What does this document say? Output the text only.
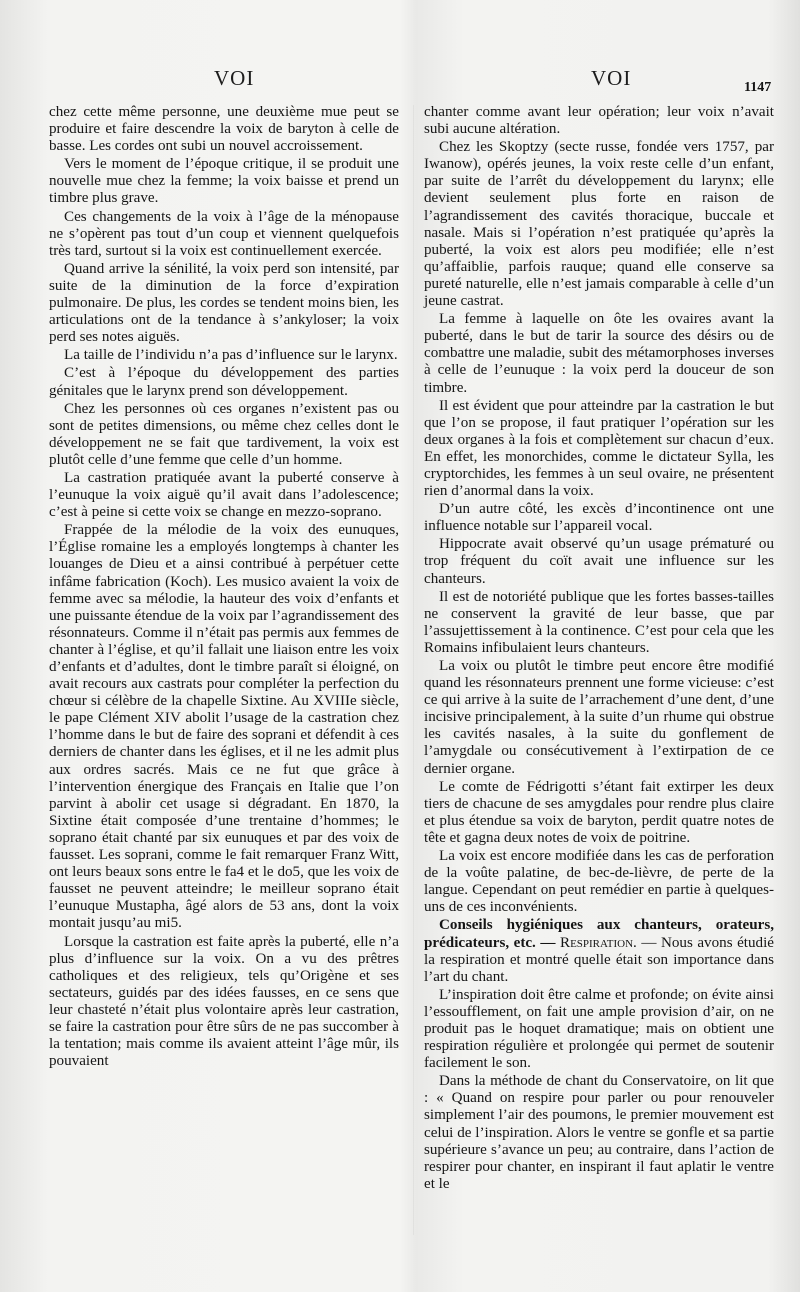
VOI	VOI	1147

chez cette même personne, une deuxième mue peut se produire et faire descendre la voix de baryton à celle de basse. Les cordes ont subi un nouvel accroissement.

Vers le moment de l’époque critique, il se produit une nouvelle mue chez la femme; la voix baisse et prend un timbre plus grave.

Ces changements de la voix à l’âge de la ménopause ne s’opèrent pas tout d’un coup et viennent quelquefois très tard, surtout si la voix est continuellement exercée.

Quand arrive la sénilité, la voix perd son intensité, par suite de la diminution de la force d’expiration pulmonaire. De plus, les cordes se tendent moins bien, les articulations ont de la tendance à s’ankyloser; la voix perd ses notes aiguës.

La taille de l’individu n’a pas d’influence sur le larynx.

C’est à l’époque du développement des parties génitales que le larynx prend son développement.

Chez les personnes où ces organes n’existent pas ou sont de petites dimensions, ou même chez celles dont le développement ne se fait que tardivement, la voix est plutôt celle d’une femme que celle d’un homme.

La castration pratiquée avant la puberté conserve à l’eunuque la voix aiguë qu’il avait dans l’adolescence; c’est à peine si cette voix se change en mezzo-soprano.

Frappée de la mélodie de la voix des eunuques, l’Église romaine les a employés longtemps à chanter les louanges de Dieu et a ainsi contribué à perpétuer cette infâme fabrication (Koch). Les musico avaient la voix de femme avec sa mélodie, la hauteur des voix d’enfants et une puissante étendue de la voix par l’agrandissement des résonnateurs. Comme il n’était pas permis aux femmes de chanter à l’église, et qu’il fallait une liaison entre les voix d’enfants et d’adultes, dont le timbre paraît si éloigné, on avait recours aux castrats pour compléter la perfection du chœur si célèbre de la chapelle Sixtine. Au XVIIIe siècle, le pape Clément XIV abolit l’usage de la castration chez l’homme dans le but de faire des soprani et défendit à ces derniers de chanter dans les églises, et il ne les admit plus aux ordres sacrés. Mais ce ne fut que grâce à l’intervention énergique des Français en Italie que l’on parvint à abolir cet usage si dégradant. En 1870, la Sixtine était composée d’une trentaine d’hommes; le soprano était chanté par six eunuques et par des voix de fausset. Les soprani, comme le fait remarquer Franz Witt, ont leurs beaux sons entre le fa4 et le do5, que les voix de fausset ne peuvent atteindre; le meilleur soprano était l’eunuque Mustapha, âgé alors de 53 ans, dont la voix montait jusqu’au mi5.

Lorsque la castration est faite après la puberté, elle n’a plus d’influence sur la voix. On a vu des prêtres catholiques et des religieux, tels qu’Origène et ses sectateurs, guidés par des idées fausses, en ce sens que leur chasteté n’était plus volontaire après leur castration, se faire la castration pour être sûrs de ne pas succomber à la tentation; mais comme ils avaient atteint l’âge mûr, ils pouvaient

chanter comme avant leur opération; leur voix n’avait subi aucune altération.

Chez les Skoptzy (secte russe, fondée vers 1757, par Iwanow), opérés jeunes, la voix reste celle d’un enfant, par suite de l’arrêt du développement du larynx; elle devient seulement plus forte en raison de l’agrandissement des cavités thoracique, buccale et nasale. Mais si l’opération n’est pratiquée qu’après la puberté, la voix est alors peu modifiée; elle n’est qu’affaiblie, parfois rauque; quand elle conserve sa pureté naturelle, elle n’est jamais comparable à celle d’un jeune castrat.

La femme à laquelle on ôte les ovaires avant la puberté, dans le but de tarir la source des désirs ou de combattre une maladie, subit des métamorphoses inverses à celle de l’eunuque : la voix perd la douceur de son timbre.

Il est évident que pour atteindre par la castration le but que l’on se propose, il faut pratiquer l’opération sur les deux organes à la fois et complètement sur chacun d’eux. En effet, les monorchides, comme le dictateur Sylla, les cryptorchides, les femmes à un seul ovaire, ne présentent rien d’anormal dans la voix.

D’un autre côté, les excès d’incontinence ont une influence notable sur l’appareil vocal.

Hippocrate avait observé qu’un usage prématuré ou trop fréquent du coït avait une influence sur les chanteurs.

Il est de notoriété publique que les fortes basses-tailles ne conservent la gravité de leur basse, que par l’assujettissement à la continence. C’est pour cela que les Romains infibulaient leurs chanteurs.

La voix ou plutôt le timbre peut encore être modifié quand les résonnateurs prennent une forme vicieuse: c’est ce qui arrive à la suite de l’arrachement d’une dent, d’une incisive principalement, à la suite d’un rhume qui obstrue les cavités nasales, à la suite du gonflement de l’amygdale ou consécutivement à l’extirpation de ce dernier organe.

Le comte de Fédrigotti s’étant fait extirper les deux tiers de chacune de ses amygdales pour rendre plus claire et plus étendue sa voix de baryton, perdit quatre notes de tête et gagna deux notes de voix de poitrine.

La voix est encore modifiée dans les cas de perforation de la voûte palatine, de bec-de-lièvre, de perte de la langue. Cependant on peut remédier en partie à quelques-uns de ces inconvénients.

Conseils hygiéniques aux chanteurs, orateurs, prédicateurs, etc. — Respiration. — Nous avons étudié la respiration et montré quelle était son importance dans l’art du chant.

L’inspiration doit être calme et profonde; on évite ainsi l’essoufflement, on fait une ample provision d’air, on ne produit pas le hoquet dramatique; mais on obtient une respiration régulière et prolongée qui permet de soutenir facilement le son.

Dans la méthode de chant du Conservatoire, on lit que : « Quand on respire pour parler ou pour renouveler simplement l’air des poumons, le premier mouvement est celui de l’inspiration. Alors le ventre se gonfle et sa partie supérieure s’avance un peu; au contraire, dans l’action de respirer pour chanter, en inspirant il faut aplatir le ventre et le
